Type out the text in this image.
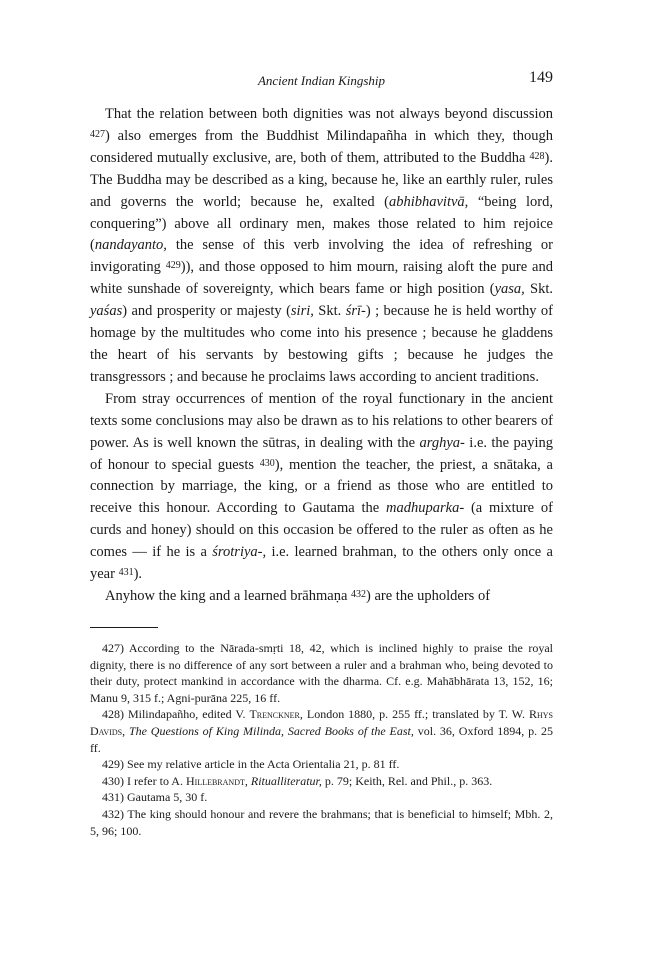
Ancient Indian Kingship	149

That the relation between both dignities was not always beyond discussion $^{427}$) also emerges from the Buddhist Milindapañha in which they, though considered mutually exclusive, are, both of them, attributed to the Buddha $^{428}$). The Buddha may be described as a king, because he, like an earthly ruler, rules and governs the world; because he, exalted (abhibhavitvā, “being lord, conquering”) above all ordinary men, makes those related to him rejoice (nandayanto, the sense of this verb involving the idea of refreshing or invigorating $^{429}$)), and those opposed to him mourn, raising aloft the pure and white sunshade of sovereignty, which bears fame or high position (yasa, Skt. yaśas) and prosperity or majesty (siri, Skt. śrī-) ; because he is held worthy of homage by the multitudes who come into his presence ; because he gladdens the heart of his servants by bestowing gifts ; because he judges the transgressors ; and because he proclaims laws according to ancient traditions.

From stray occurrences of mention of the royal functionary in the ancient texts some conclusions may also be drawn as to his relations to other bearers of power. As is well known the sūtras, in dealing with the arghya- i.e. the paying of honour to special guests $^{430}$), mention the teacher, the priest, a snātaka, a connection by marriage, the king, or a friend as those who are entitled to receive this honour. According to Gautama the madhuparka- (a mixture of curds and honey) should on this occasion be offered to the ruler as often as he comes — if he is a śrotriya-, i.e. learned brahman, to the others only once a year $^{431}$).

Anyhow the king and a learned brāhmaṇa $^{432}$) are the upholders of

427) According to the Nārada-smṛti 18, 42, which is inclined highly to praise the royal dignity, there is no difference of any sort between a ruler and a brahman who, being devoted to their duty, protect mankind in accordance with the dharma. Cf. e.g. Mahābhārata 13, 152, 16; Manu 9, 315 f.; Agni-purāna 225, 16 ff.

428) Milindapañho, edited V. Trenckner, London 1880, p. 255 ff.; translated by T. W. Rhys Davids, The Questions of King Milinda, Sacred Books of the East, vol. 36, Oxford 1894, p. 25 ff.

429) See my relative article in the Acta Orientalia 21, p. 81 ff.

430) I refer to A. Hillebrandt, Ritualliteratur, p. 79; Keith, Rel. and Phil., p. 363.

431) Gautama 5, 30 f.

432) The king should honour and revere the brahmans; that is beneficial to himself; Mbh. 2, 5, 96; 100.
